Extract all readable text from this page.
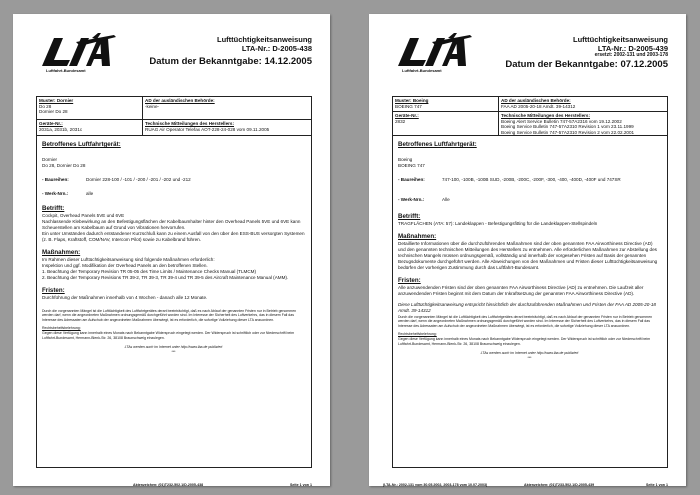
Luftfahrt-Bundesamt
Lufttüchtigkeitsanweisung
LTA-Nr.: D-2005-438
Datum der Bekanntgabe: 14.12.2005
Muster: Dornier
Do 28
Dornier Do 28
AD der ausländischen Behörde:
-keine-
Geräte-Nr.:
2031a, 2031b, 2031c
Technische Mitteilungen des Herstellers:
RUAG Air Operator Telefax AOT-228-24-028 vom 09.11.2005

Betroffenes Luftfahrtgerät:

Dornier

Do 28, Dornier Do 28

- Baureihen:	Dornier 228-100 / -101 / -200 / -201 / -202 und -212
- Werk-Nrn.:	alle

Betrifft:

Cockpit, Overhead Panels 5VE und 6VE

Nachlassende Klebewirkung an den Befestigungsflächen der Kabelbaumhalter hinter den Overhead Panels 5VE und 6VE kann Scheuerstellen am Kabelbaum auf Grund von Vibrationen hervorrufen.

Ein unter Umständen dadurch entstandener Kurzschluß kann zu einem Ausfall von den über den ESS-BUS versorgten Systemen (z. B. Flaps, Kraftstoff, COM/NAV, Intercom Pilot) sowie zu Kabelbrand führen.

Maßnahmen:

Im Rahmen dieser Lufttüchtigkeitsanweisung sind folgende Maßnahmen erforderlich:

Inspektion und ggf. Modifikation der Overhead Panels an den betroffenen Stellen.

1. Beachtung der Temporary Revision TR 05-05 des Time Limits / Maintenance Checks Manual (TLMCM)

2. Beachtung der Temporary Revisions TR 39-2, TR 39-3, TR 39-4 und TR 39-5 des Aircraft Maintenance Manual (AMM).

Fristen:

Durchführung der Maßnahmen innerhalb von 4 Wochen - danach alle 12 Monate.

Durch die vorgenannten Mängel ist die Lufttüchtigkeit des Luftfahrtgerätes derart beeinträchtigt, daß es nach Ablauf der genannten Fristen nur in Betrieb genommen werden darf, wenn die angeordneten Maßnahmen ordnungsgemäß durchgeführt worden sind. Im Interesse der Sicherheit des Luftverkehrs, das in diesem Fall das Interesse des Adressaten am Aufschub der angeordneten Maßnahmen überwiegt, ist es erforderlich, die sofortige Vollziehung dieser LTA anzuordnen.

Rechtsbehelfsbelehrung:

Gegen diese Verfügung kann innerhalb eines Monats nach Bekanntgabe Widerspruch eingelegt werden. Der Widerspruch ist schriftlich oder zur Niederschrift beim Luftfahrt-Bundesamt, Hermann-Blenk-Str. 26, 38108 Braunschweig einzulegen.

LTAs werden auch im Internet unter http://www.lba.de publiziert

***

Aktenzeichen: (01)T232-502.1/D-2005-438	Seite 1 von 1
Luftfahrt-Bundesamt
Lufttüchtigkeitsanweisung
LTA-Nr.: D-2005-439
ersetzt: 2002-131 und 2003-178
Datum der Bekanntgabe: 07.12.2005
Muster: Boeing
BOEING 747
AD der ausländischen Behörde:
FAA AD 2005-20-18 Amdt. 39-14312
Geräte-Nr.:
2832
Technische Mitteilungen des Herstellers:
Boeing Alert Service Bulletin 747-57A2316 vom 19.12.2002
Boeing Service Bulletin 747-57A2310 Revision 1 vom 23.11.1999
Boeing Service Bulletin 747-57A2310 Revision 2 vom 22.02.2001

Betroffenes Luftfahrtgerät:

Boeing

BOEING 747

- Baureihen:	747-100, -100B, -100B SUD, -200B, -200C, -200F, -300, -400, -400D, -400F und 747SR
- Werk-Nrn.:	Alle

Betrifft:

TRAGFLÄCHEN (ATA: 57): Landeklappen - Befestigungsfitting für die Landeklappen-Stellspindeln

Maßnahmen:

Detaillierte Informationen über die durchzuführenden Maßnahmen sind der oben genannten FAA Airworthiness Directive (AD) und den genannten technischen Mitteilungen des Herstellers zu entnehmen. Alle erforderlichen Maßnahmen zur Abstellung des technischen Mangels müssen ordnungsgemäß, vollständig und innerhalb der vorgesehen Fristen auf Basis der genannten Bezugsdokumente durchgeführt werden. Alle Abweichungen von den Maßnahmen und Fristen dieser Lufttüchtigkeitsanweisung bedürfen der vorherigen Zustimmung durch das Luftfahrt-Bundesamt.

Fristen:

Alle anzuwendenden Fristen sind der oben genannten FAA Airworthiness Directive (AD) zu entnehmen. Die Laufzeit aller anzuwendenden Fristen beginnt mit dem Datum der Inkraftsetzung der genannten FAA Airworthiness Directive (AD).

Diese Lufttüchtigkeitsanweisung entspricht hinsichtlich der durchzuführenden Maßnahmen und Fristen der FAA AD 2005-20-18 Amdt. 39-14312

Durch die vorgenannten Mängel ist die Lufttüchtigkeit des Luftfahrtgerätes derart beeinträchtigt, daß es nach Ablauf der genannten Fristen nur in Betrieb genommen werden darf, wenn die angeordneten Maßnahmen ordnungsgemäß durchgeführt worden sind. Im Interesse der Sicherheit des Luftverkehrs, das in diesem Fall das Interesse des Adressaten am Aufschub der angeordneten Maßnahmen überwiegt, ist es erforderlich, die sofortige Vollziehung dieser LTA anzuordnen.

Rechtsbehelfsbelehrung:

Gegen diese Verfügung kann innerhalb eines Monats nach Bekanntgabe Widerspruch eingelegt werden. Der Widerspruch ist schriftlich oder zur Niederschrift beim Luftfahrt-Bundesamt, Hermann-Blenk-Str. 26, 38108 Braunschweig einzulegen.

LTAs werden auch im Internet unter http://www.lba.de publiziert

***

(LTA-Nr.: 2002-131 vom 30.05.2002, 2003-178 vom 10.07.2003)	Aktenzeichen: (01)T233-502.1/D-2005-439	Seite 1 von 1
